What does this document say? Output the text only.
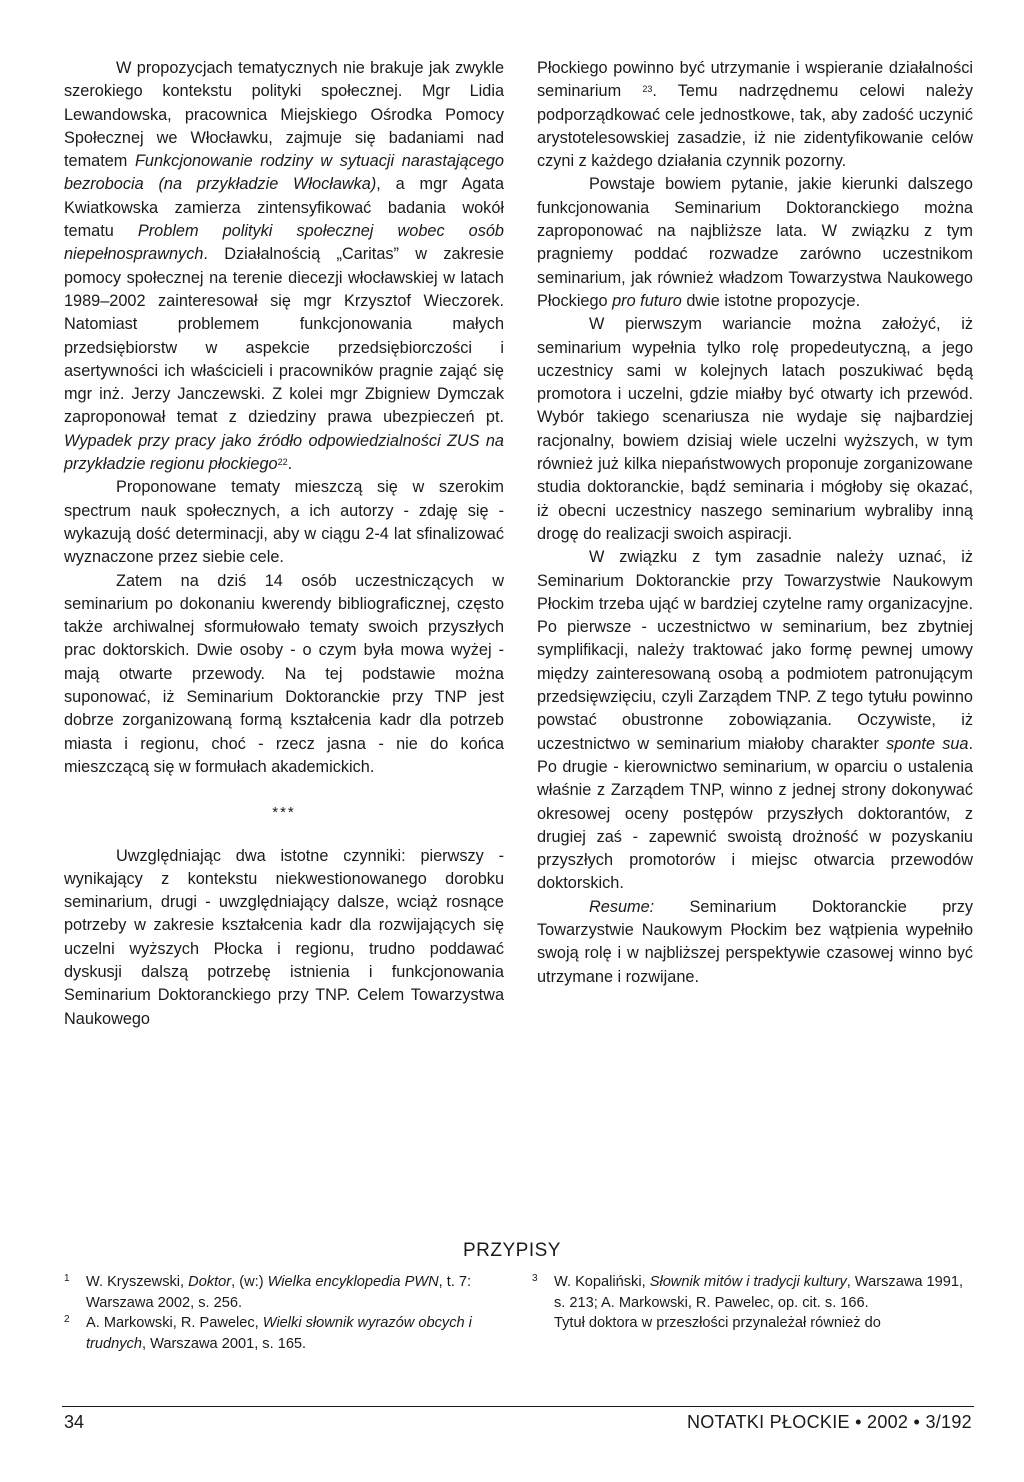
W propozycjach tematycznych nie brakuje jak zwykle szerokiego kontekstu polityki społecznej. Mgr Lidia Lewandowska, pracownica Miejskiego Ośrodka Pomocy Społecznej we Włocławku, zajmuje się badaniami nad tematem Funkcjonowanie rodziny w sytuacji narastającego bezrobocia (na przykładzie Włocławka), a mgr Agata Kwiatkowska zamierza zintensyfikować badania wokół tematu Problem polityki społecznej wobec osób niepełnosprawnych. Działalnością „Caritas” w zakresie pomocy społecznej na terenie diecezji włocławskiej w latach 1989–2002 zainteresował się mgr Krzysztof Wieczorek. Natomiast problemem funkcjonowania małych przedsiębiorstw w aspekcie przedsiębiorczości i asertywności ich właścicieli i pracowników pragnie zająć się mgr inż. Jerzy Janczewski. Z kolei mgr Zbigniew Dymczak zaproponował temat z dziedziny prawa ubezpieczeń pt. Wypadek przy pracy jako źródło odpowiedzialności ZUS na przykładzie regionu płockiego$^{22}$.

Proponowane tematy mieszczą się w szerokim spectrum nauk społecznych, a ich autorzy - zdaję się - wykazują dość determinacji, aby w ciągu 2-4 lat sfinalizować wyznaczone przez siebie cele.

Zatem na dziś 14 osób uczestniczących w seminarium po dokonaniu kwerendy bibliograficznej, często także archiwalnej sformułowało tematy swoich przyszłych prac doktorskich. Dwie osoby - o czym była mowa wyżej - mają otwarte przewody. Na tej podstawie można suponować, iż Seminarium Doktoranckie przy TNP jest dobrze zorganizowaną formą kształcenia kadr dla potrzeb miasta i regionu, choć - rzecz jasna - nie do końca mieszczącą się w formułach akademickich.

***

Uwzględniając dwa istotne czynniki: pierwszy - wynikający z kontekstu niekwestionowanego dorobku seminarium, drugi - uwzględniający dalsze, wciąż rosnące potrzeby w zakresie kształcenia kadr dla rozwijających się uczelni wyższych Płocka i regionu, trudno poddawać dyskusji dalszą potrzebę istnienia i funkcjonowania Seminarium Doktoranckiego przy TNP. Celem Towarzystwa Naukowego

Płockiego powinno być utrzymanie i wspieranie działalności seminarium $^{23}$. Temu nadrzędnemu celowi należy podporządkować cele jednostkowe, tak, aby zadość uczynić arystotelesowskiej zasadzie, iż nie zidentyfikowanie celów czyni z każdego działania czynnik pozorny.

Powstaje bowiem pytanie, jakie kierunki dalszego funkcjonowania Seminarium Doktoranckiego można zaproponować na najbliższe lata. W związku z tym pragniemy poddać rozwadze zarówno uczestnikom seminarium, jak również władzom Towarzystwa Naukowego Płockiego pro futuro dwie istotne propozycje.

W pierwszym wariancie można założyć, iż seminarium wypełnia tylko rolę propedeutyczną, a jego uczestnicy sami w kolejnych latach poszukiwać będą promotora i uczelni, gdzie miałby być otwarty ich przewód. Wybór takiego scenariusza nie wydaje się najbardziej racjonalny, bowiem dzisiaj wiele uczelni wyższych, w tym również już kilka niepaństwowych proponuje zorganizowane studia doktoranckie, bądź seminaria i mógłoby się okazać, iż obecni uczestnicy naszego seminarium wybraliby inną drogę do realizacji swoich aspiracji.

W związku z tym zasadnie należy uznać, iż Seminarium Doktoranckie przy Towarzystwie Naukowym Płockim trzeba ująć w bardziej czytelne ramy organizacyjne. Po pierwsze - uczestnictwo w seminarium, bez zbytniej symplifikacji, należy traktować jako formę pewnej umowy między zainteresowaną osobą a podmiotem patronującym przedsięwzięciu, czyli Zarządem TNP. Z tego tytułu powinno powstać obustronne zobowiązania. Oczywiste, iż uczestnictwo w seminarium miałoby charakter sponte sua. Po drugie - kierownictwo seminarium, w oparciu o ustalenia właśnie z Zarządem TNP, winno z jednej strony dokonywać okresowej oceny postępów przyszłych doktorantów, z drugiej zaś - zapewnić swoistą drożność w pozyskaniu przyszłych promotorów i miejsc otwarcia przewodów doktorskich.

Resume: Seminarium Doktoranckie przy Towarzystwie Naukowym Płockim bez wątpienia wypełniło swoją rolę i w najbliższej perspektywie czasowej winno być utrzymane i rozwijane.

PRZYPISY
1 W. Kryszewski, Doktor, (w:) Wielka encyklopedia PWN, t. 7: Warszawa 2002, s. 256.
2 A. Markowski, R. Pawelec, Wielki słownik wyrazów obcych i trudnych, Warszawa 2001, s. 165.
3 W. Kopaliński, Słownik mitów i tradycji kultury, Warszawa 1991, s. 213; A. Markowski, R. Pawelec, op. cit. s. 166.
Tytuł doktora w przeszłości przynależał również do
34	NOTATKI PŁOCKIE • 2002 • 3/192
